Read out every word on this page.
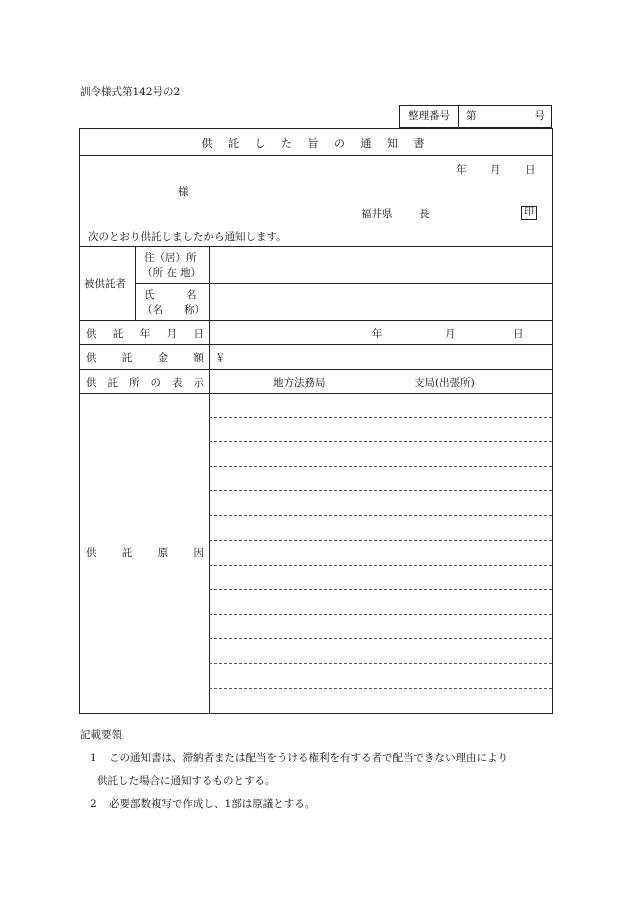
訓令様式第142号の2
整理番号	第	号
供 託 し た 旨 の 通 知 書
年 月 日
様
福井県	長	印
次のとおり供託しましたから通知します。
被供託者
住（居）所
（所 在 地）
氏　　　名
（名　　称）
供 託 年 月 日	年	月	日
供　託　金　額 ￥
供 託 所 の 表 示	地方法務局	支局(出張所)
供　託　原　因
記載要領
1 この通知書は、滞納者または配当をうける権利を有する者で配当できない理由により
供託した場合に通知するものとする。
2 必要部数複写で作成し、1部は原議とする。
